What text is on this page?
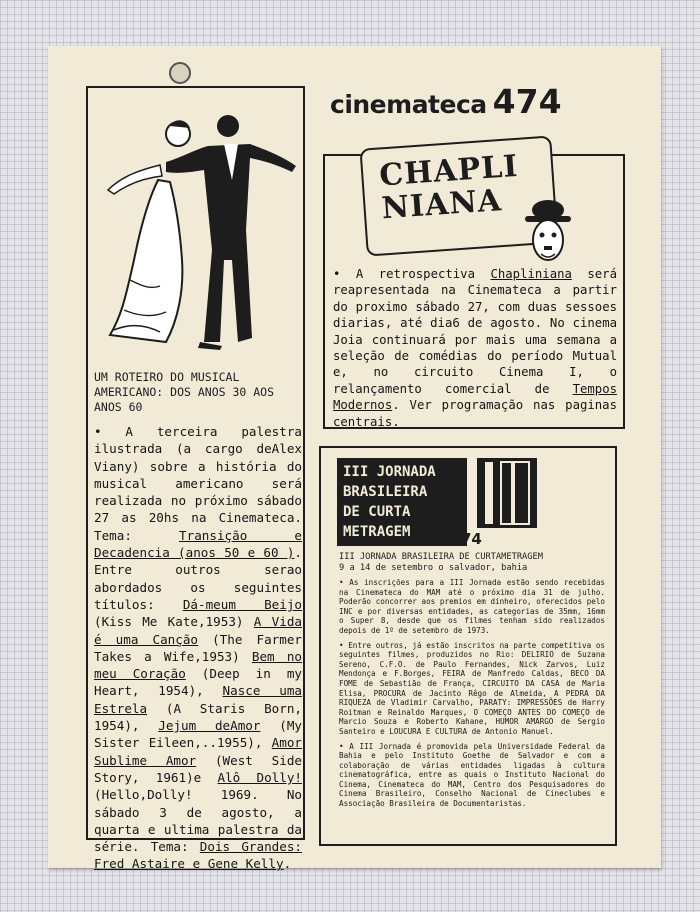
cinemateca 474
UM ROTEIRO DO MUSICAL AMERICANO: DOS ANOS 30 AOS ANOS 60

• A terceira palestra ilustrada (a cargo deAlex Viany) sobre a história do musical americano será realizada no próximo sábado 27 as 20hs na Cinemateca. Tema: Transição e Decadencia (anos 50 e 60 ). Entre outros serao abordados os seguintes títulos: Dá-meum Beijo (Kiss Me Kate,1953) A Vida é uma Canção (The Farmer Takes a Wife,1953) Bem no meu Coração (Deep in my Heart, 1954), Nasce uma Estrela (A Staris Born, 1954), Jejum deAmor (My Sister Eileen,..1955), Amor Sublime Amor (West Side Story, 1961)e Alô Dolly! (Hello,Dolly! 1969. No sábado 3 de agosto, a quarta e ultima palestra da série. Tema: Dois Grandes: Fred Astaire e Gene Kelly.

CHAPLI
NIANA

• A retrospectiva Chapliniana será reapresentada na Cinemateca a partir do proximo sábado 27, com duas sessoes diarias, até dia6 de agosto. No cinema Joia continuará por mais uma semana a seleção de comédias do período Mutual e, no circuito Cinema I, o relançamento comercial de Tempos Modernos. Ver programação nas paginas centrais.

III JORNADA
BRASILEIRA
DE CURTA
METRAGEM	74
III JORNADA BRASILEIRA DE CURTAMETRAGEM
9 a 14 de setembro o salvador, bahia

• As inscrições para a III Jornada estão sendo recebidas na Cinemateca do MAM até o próximo dia 31 de julho. Poderão concorrer aos premios em dinheiro, oferecidos pelo INC e por diversas entidades, as categorias de 35mm, 16mm o Super 8, desde que os filmes tenham sido realizados depois de 1º de setembro de 1973.

• Entre outros, já estão inscritos na parte competitiva os seguintes filmes, produzidos no Rio: DELIRIO de Suzana Sereno, C.F.O. de Paulo Fernandes, Nick Zarvos, Luiz Mendonça e F.Borges, FEIRA de Manfredo Caldas, BECO DA FOME de Sebastião de França, CIRCUITO DA CASA de Maria Elisa, PROCURA de Jacinto Rêgo de Almeida, A PEDRA DA RIQUEZA de Vladimir Carvalho, PARATY: IMPRESSÕES de Harry Roitman e Reinaldo Marques, O COMEÇO ANTES DO COMEÇO de Marcio Souza e Roberto Kahane, HUMOR AMARGO de Sergio Santeiro e LOUCURA E CULTURA de Antonio Manuel.

• A III Jornada é promovida pela Universidade Federal da Bahia e pelo Instituto Goethe de Salvador e com a colaboração de várias entidades ligadas à cultura cinematográfica, entre as quais o Instituto Nacional do Cinema, Cinemateca do MAM, Centro dos Pesquisadores do Cinema Brasileiro, Conselho Nacional de Cineclubes e Associação Brasileira de Documentaristas.
